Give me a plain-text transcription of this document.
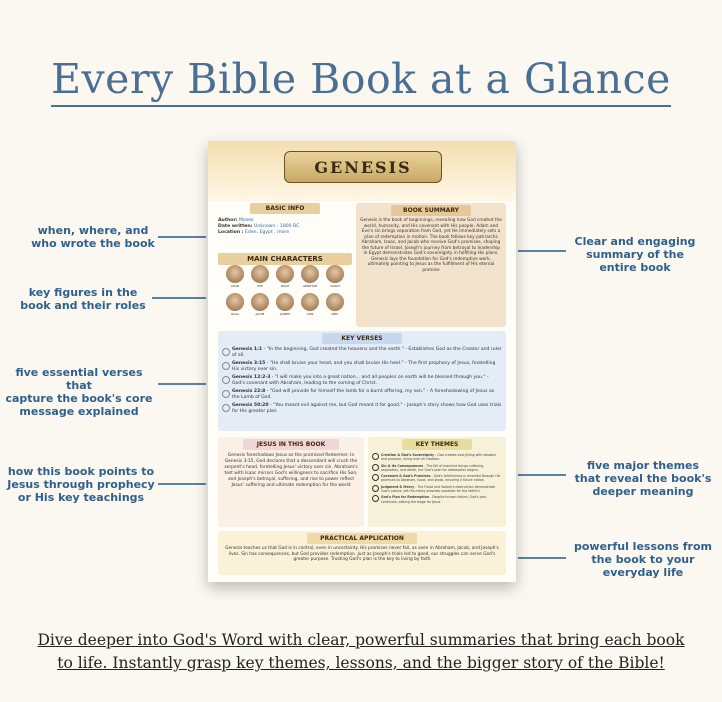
Every Bible Book at a Glance
when, where, and
who wrote the book
key figures in the
book and their roles
five essential verses that
capture the book's core
message explained
how this book points to
Jesus through prophecy
or His key teachings
Clear and engaging
summary of the
entire book
five major themes
that reveal the book's
deeper meaning
powerful lessons from
the book to your
everyday life
GENESIS
BASIC INFO
Author: Moses
Date written: Unknown - 1800 BC
Location : Eden, Egypt , more
MAIN CHARACTERS
ADAM	EVE	NOAH	ABRAHAM	SARAH
ISAAC	JACOB	JOSEPH	CAIN	ABEL
BOOK SUMMARY
Genesis is the book of beginnings, revealing how God created the world, humanity, and His covenant with His people. Adam and Eve's sin brings separation from God, yet He immediately sets a plan of redemption in motion. The book follows key patriarchs Abraham, Isaac, and Jacob who receive God's promises, shaping the future of Israel. Joseph's journey from betrayal to leadership in Egypt demonstrates God's sovereignty in fulfilling His plans. Genesis lays the foundation for God's redemptive work, ultimately pointing to Jesus as the fulfillment of His eternal promise
KEY VERSES
Genesis 1:1 - "In the beginning, God created the heavens and the earth." - Establishes God as the Creator and ruler of all.
Genesis 3:15 - "He shall bruise your head, and you shall bruise His heel." - The first prophecy of Jesus, foretelling His victory over sin.
Genesis 12:2-3 - "I will make you into a great nation... and all peoples on earth will be blessed through you." - God's covenant with Abraham, leading to the coming of Christ.
Genesis 22:8 - "God will provide for himself the lamb for a burnt offering, my son." - A foreshadowing of Jesus as the Lamb of God.
Genesis 50:20 - "You meant evil against me, but God meant it for good." - Joseph's story shows how God uses trials for His greater plan
JESUS IN THIS BOOK
Genesis foreshadows Jesus as the promised Redeemer. In Genesis 3:15, God declares that a descendant will crush the serpent's head, foretelling Jesus' victory over sin. Abraham's test with Isaac mirrors God's willingness to sacrifice His Son, and Joseph's betrayal, suffering, and rise to power reflect Jesus' suffering and ultimate redemption for the world
KEY THEMES
Creation & God's Sovereignty - God creates everything with wisdom and purpose, ruling over all creation.
Sin & Its Consequences - The fall of mankind brings suffering, separation, and death, but God's plan for redemption begins.
Covenant & God's Promises - God's faithfulness is revealed through His promises to Abraham, Isaac, and Jacob, ensuring a future nation.
Judgment & Mercy - The Flood and Sodom's destruction demonstrate God's justice, yet His mercy provides salvation for the faithful.
God's Plan for Redemption - Despite human failure, God's plan continues, setting the stage for Jesus
PRACTICAL APPLICATION
Genesis teaches us that God is in control, even in uncertainty. His promises never fail, as seen in Abraham, Jacob, and Joseph's lives. Sin has consequences, but God provides redemption. Just as Joseph's trials led to good, our struggles can serve God's greater purpose. Trusting God's plan is the key to living by faith
Dive deeper into God's Word with clear, powerful summaries that bring each book
to life. Instantly grasp key themes, lessons, and the bigger story of the Bible!
